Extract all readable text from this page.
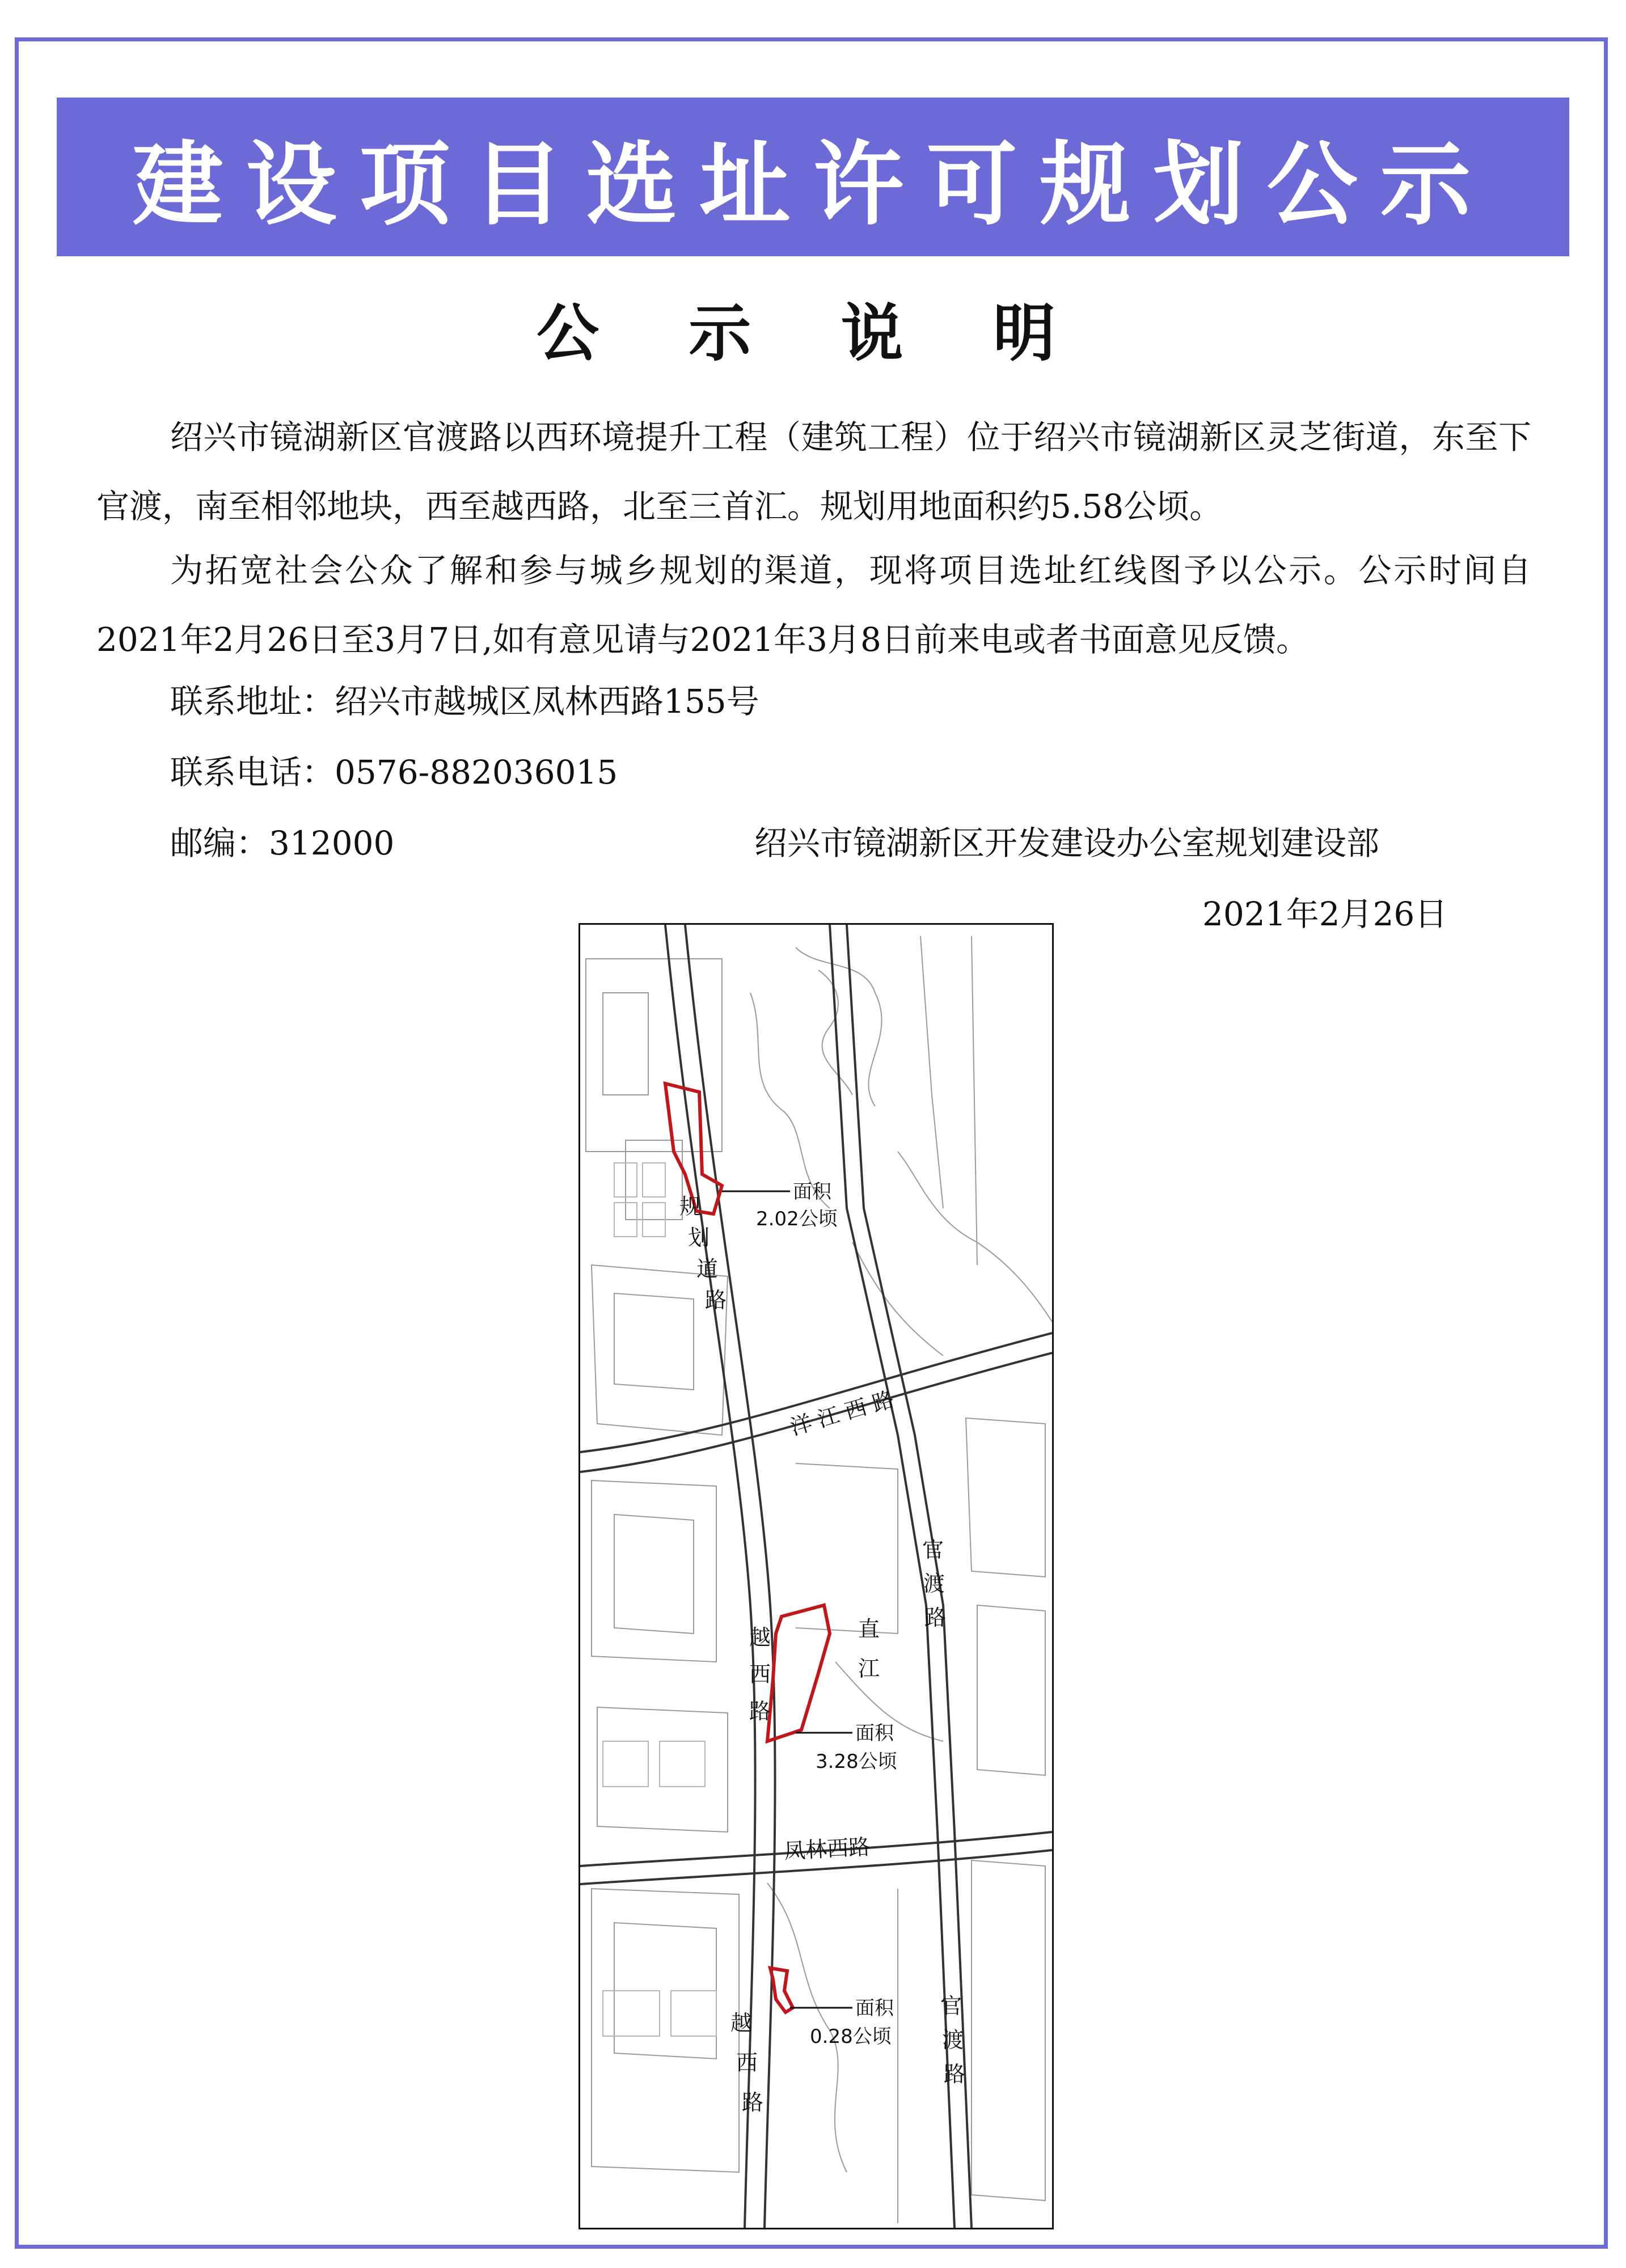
建设项目选址许可规划公示
公 示 说 明

绍兴市镜湖新区官渡路以西环境提升工程（建筑工程）位于绍兴市镜湖新区灵芝街道，东至下官渡，南至相邻地块，西至越西路，北至三首汇。规划用地面积约5.58公顷。

为拓宽社会公众了解和参与城乡规划的渠道，现将项目选址红线图予以公示。公示时间自2021年2月26日至3月7日,如有意见请与2021年3月8日前来电或者书面意见反馈。

联系地址：绍兴市越城区凤林西路155号
联系电话：0576-882036015
邮编：312000	绍兴市镜湖新区开发建设办公室规划建设部
2021年2月26日
规
划
道
路
洋 江 西 路
官
渡
路
直
江
越
西
路
凤林西路
越
西
路
官
渡
路
面积
2.02公顷
面积
3.28公顷
面积
0.28公顷
